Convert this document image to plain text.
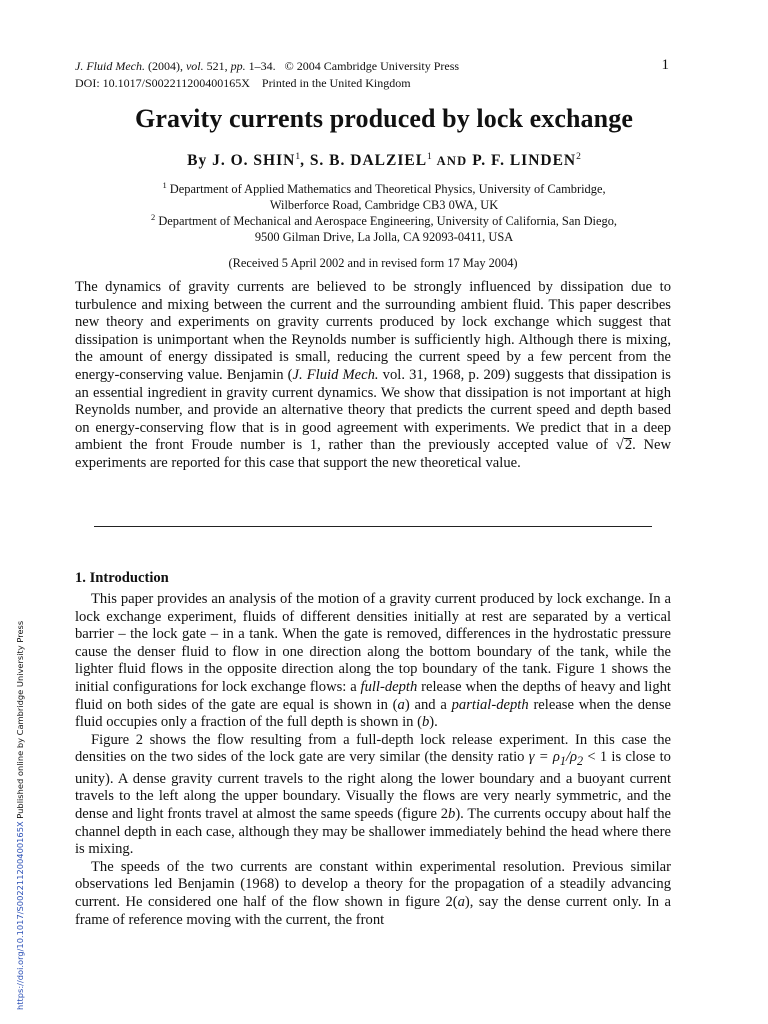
J. Fluid Mech. (2004), vol. 521, pp. 1–34. © 2004 Cambridge University Press
DOI: 10.1017/S002211200400165X Printed in the United Kingdom
1
Gravity currents produced by lock exchange
By J. O. SHIN$^1$, S. B. DALZIEL$^1$ AND P. F. LINDEN$^2$
$^1$ Department of Applied Mathematics and Theoretical Physics, University of Cambridge,
Wilberforce Road, Cambridge CB3 0WA, UK
$^2$ Department of Mechanical and Aerospace Engineering, University of California, San Diego,
9500 Gilman Drive, La Jolla, CA 92093-0411, USA
(Received 5 April 2002 and in revised form 17 May 2004)
The dynamics of gravity currents are believed to be strongly influenced by dissipation due to turbulence and mixing between the current and the surrounding ambient fluid. This paper describes new theory and experiments on gravity currents produced by lock exchange which suggest that dissipation is unimportant when the Reynolds number is sufficiently high. Although there is mixing, the amount of energy dissipated is small, reducing the current speed by a few percent from the energy-conserving value. Benjamin (J. Fluid Mech. vol. 31, 1968, p. 209) suggests that dissipation is an essential ingredient in gravity current dynamics. We show that dissipation is not important at high Reynolds number, and provide an alternative theory that predicts the current speed and depth based on energy-conserving flow that is in good agreement with experiments. We predict that in a deep ambient the front Froude number is 1, rather than the previously accepted value of √2. New experiments are reported for this case that support the new theoretical value.
1. Introduction

This paper provides an analysis of the motion of a gravity current produced by lock exchange. In a lock exchange experiment, fluids of different densities initially at rest are separated by a vertical barrier – the lock gate – in a tank. When the gate is removed, differences in the hydrostatic pressure cause the denser fluid to flow in one direction along the bottom boundary of the tank, while the lighter fluid flows in the opposite direction along the top boundary of the tank. Figure 1 shows the initial configurations for lock exchange flows: a full-depth release when the depths of heavy and light fluid on both sides of the gate are equal is shown in (a) and a partial-depth release when the dense fluid occupies only a fraction of the full depth is shown in (b).

Figure 2 shows the flow resulting from a full-depth lock release experiment. In this case the densities on the two sides of the lock gate are very similar (the density ratio $\gamma = \rho_1/\rho_2 < 1$ is close to unity). A dense gravity current travels to the right along the lower boundary and a buoyant current travels to the left along the upper boundary. Visually the flows are very nearly symmetric, and the dense and light fronts travel at almost the same speeds (figure 2b). The currents occupy about half the channel depth in each case, although they may be shallower immediately behind the head where there is mixing.

The speeds of the two currents are constant within experimental resolution. Previous similar observations led Benjamin (1968) to develop a theory for the propagation of a steadily advancing current. He considered one half of the flow shown in figure 2(a), say the dense current only. In a frame of reference moving with the current, the front

https://doi.org/10.1017/S002211200400165X Published online by Cambridge University Press
